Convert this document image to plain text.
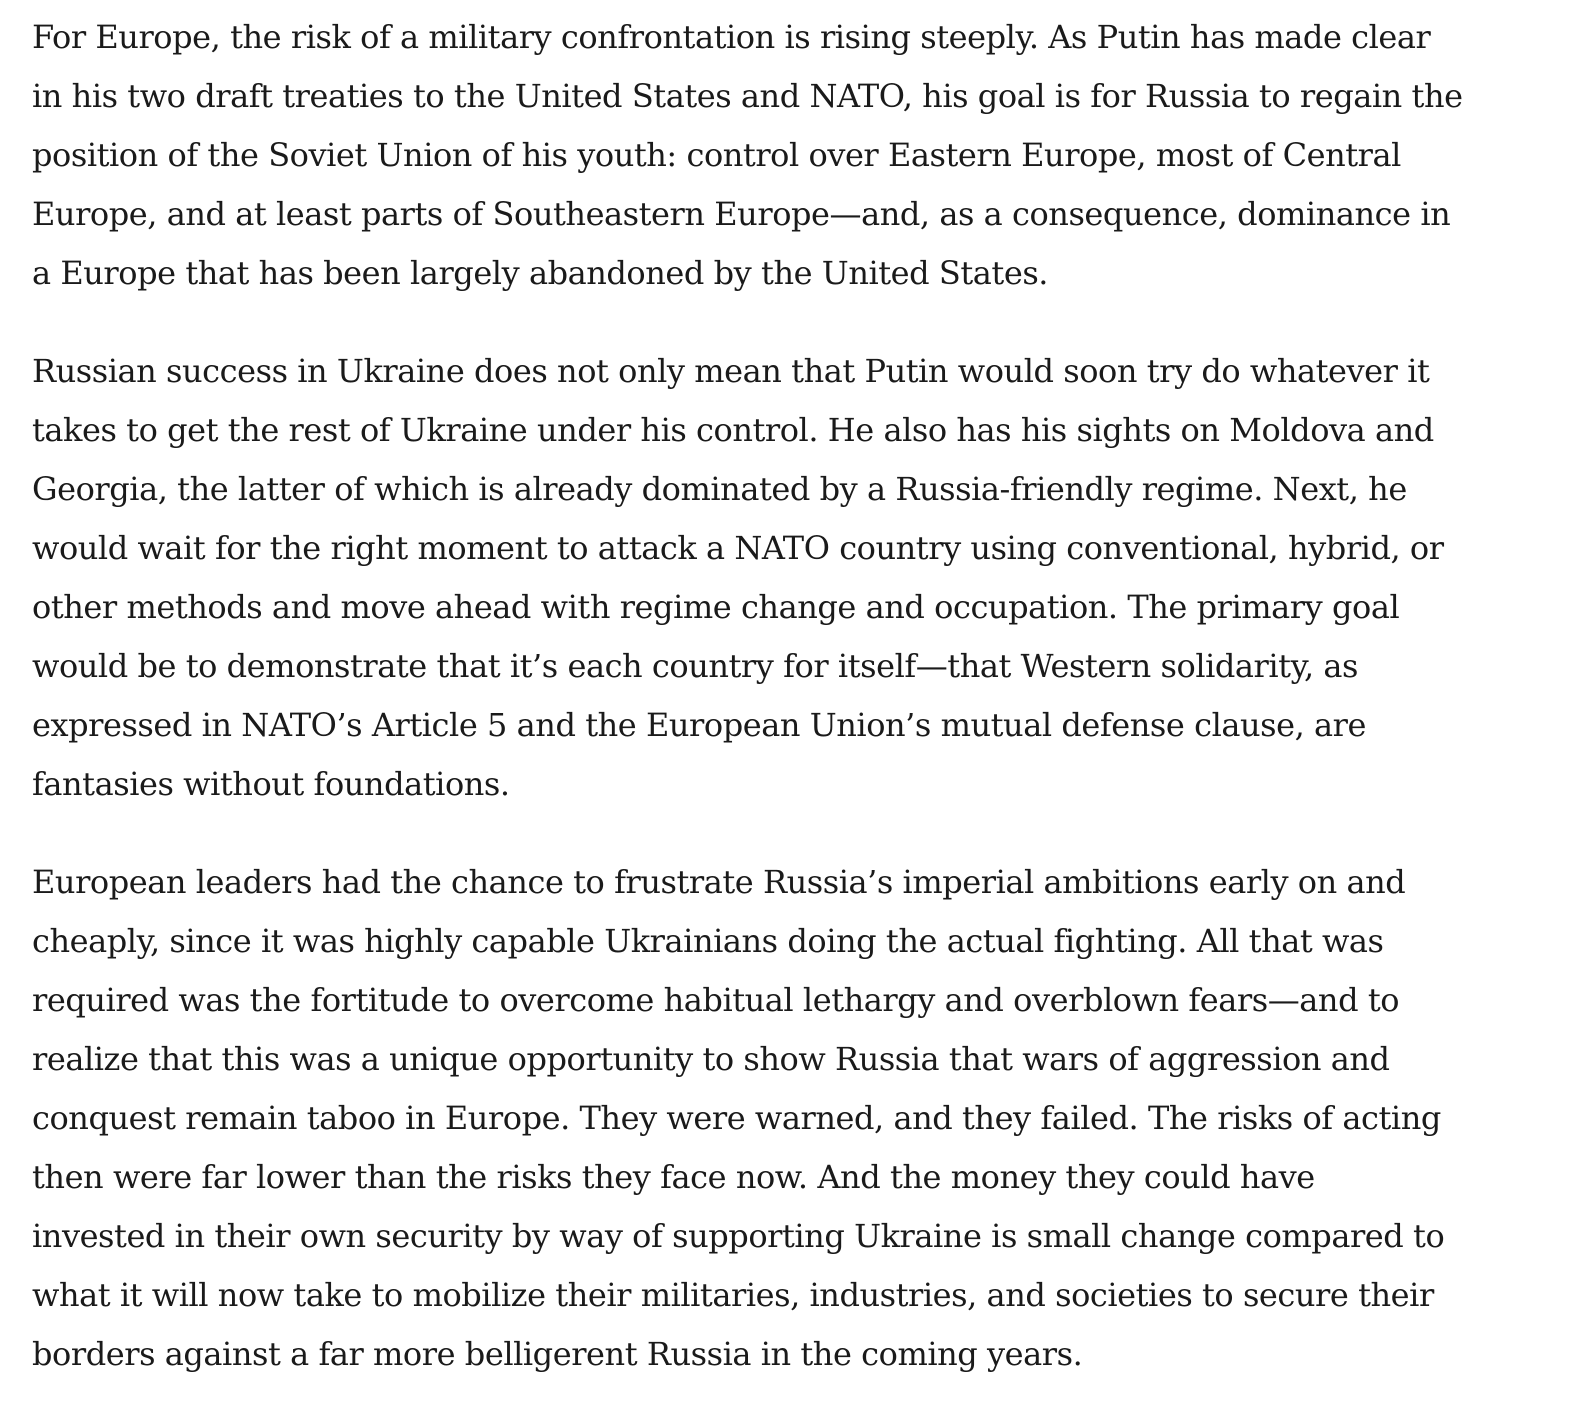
For Europe, the risk of a military confrontation is rising steeply. As Putin has made clear
in his two draft treaties to the United States and NATO, his goal is for Russia to regain the
position of the Soviet Union of his youth: control over Eastern Europe, most of Central
Europe, and at least parts of Southeastern Europe—and, as a consequence, dominance in
a Europe that has been largely abandoned by the United States.

Russian success in Ukraine does not only mean that Putin would soon try do whatever it
takes to get the rest of Ukraine under his control. He also has his sights on Moldova and
Georgia, the latter of which is already dominated by a Russia-friendly regime. Next, he
would wait for the right moment to attack a NATO country using conventional, hybrid, or
other methods and move ahead with regime change and occupation. The primary goal
would be to demonstrate that it’s each country for itself—that Western solidarity, as
expressed in NATO’s Article 5 and the European Union’s mutual defense clause, are
fantasies without foundations.

European leaders had the chance to frustrate Russia’s imperial ambitions early on and
cheaply, since it was highly capable Ukrainians doing the actual fighting. All that was
required was the fortitude to overcome habitual lethargy and overblown fears—and to
realize that this was a unique opportunity to show Russia that wars of aggression and
conquest remain taboo in Europe. They were warned, and they failed. The risks of acting
then were far lower than the risks they face now. And the money they could have
invested in their own security by way of supporting Ukraine is small change compared to
what it will now take to mobilize their militaries, industries, and societies to secure their
borders against a far more belligerent Russia in the coming years.
